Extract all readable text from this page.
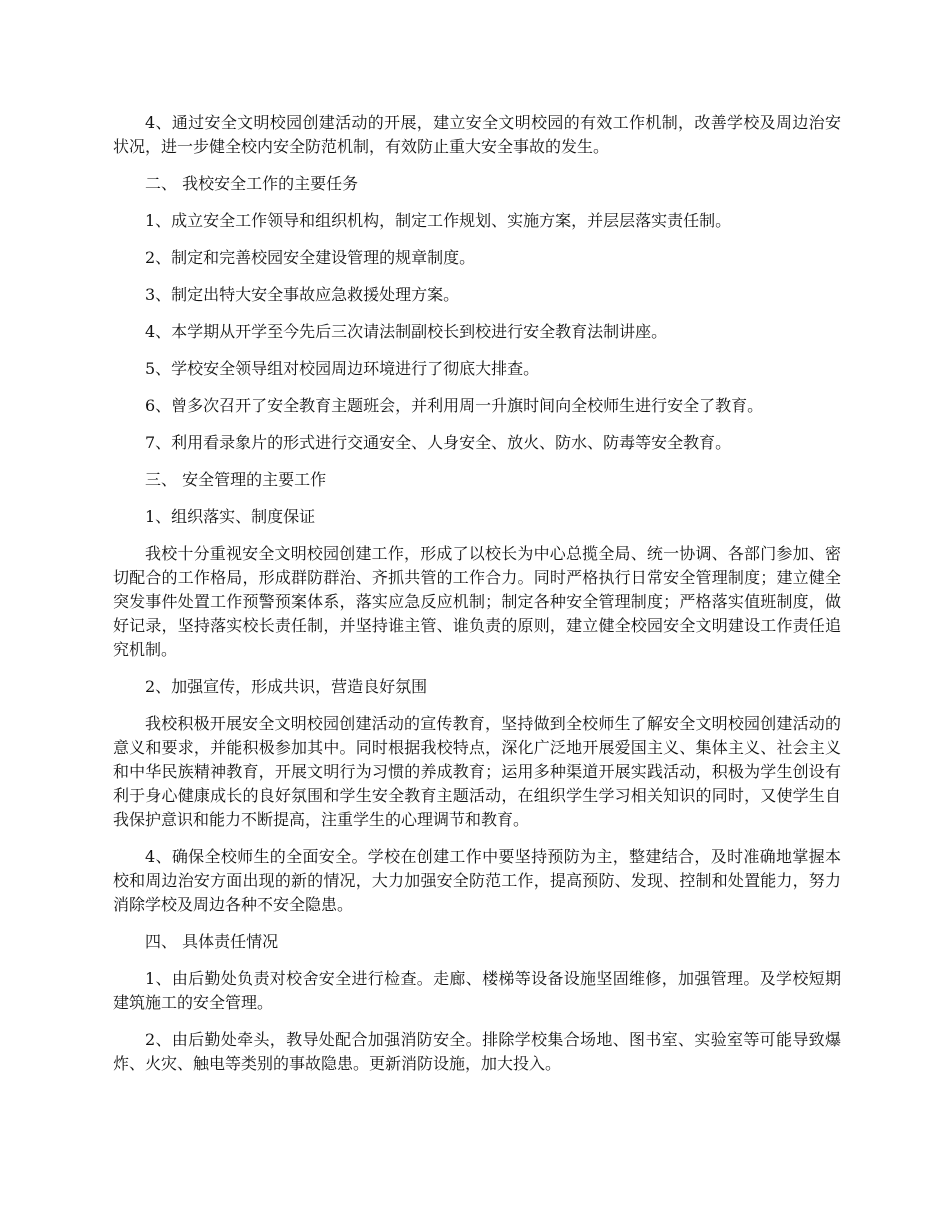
4、通过安全文明校园创建活动的开展，建立安全文明校园的有效工作机制，改善学校及周边治安状况，进一步健全校内安全防范机制，有效防止重大安全事故的发生。

二、 我校安全工作的主要任务

1、成立安全工作领导和组织机构，制定工作规划、实施方案，并层层落实责任制。

2、制定和完善校园安全建设管理的规章制度。

3、制定出特大安全事故应急救援处理方案。

4、本学期从开学至今先后三次请法制副校长到校进行安全教育法制讲座。

5、学校安全领导组对校园周边环境进行了彻底大排查。

6、曾多次召开了安全教育主题班会，并利用周一升旗时间向全校师生进行安全了教育。

7、利用看录象片的形式进行交通安全、人身安全、放火、防水、防毒等安全教育。

三、 安全管理的主要工作

1、组织落实、制度保证

我校十分重视安全文明校园创建工作，形成了以校长为中心总揽全局、统一协调、各部门参加、密切配合的工作格局，形成群防群治、齐抓共管的工作合力。同时严格执行日常安全管理制度；建立健全突发事件处置工作预警预案体系，落实应急反应机制；制定各种安全管理制度；严格落实值班制度，做好记录，坚持落实校长责任制，并坚持谁主管、谁负责的原则，建立健全校园安全文明建设工作责任追究机制。

2、加强宣传，形成共识，营造良好氛围

我校积极开展安全文明校园创建活动的宣传教育，坚持做到全校师生了解安全文明校园创建活动的意义和要求，并能积极参加其中。同时根据我校特点，深化广泛地开展爱国主义、集体主义、社会主义和中华民族精神教育，开展文明行为习惯的养成教育；运用多种渠道开展实践活动，积极为学生创设有利于身心健康成长的良好氛围和学生安全教育主题活动，在组织学生学习相关知识的同时，又使学生自我保护意识和能力不断提高，注重学生的心理调节和教育。

4、确保全校师生的全面安全。学校在创建工作中要坚持预防为主，整建结合，及时准确地掌握本校和周边治安方面出现的新的情况，大力加强安全防范工作，提高预防、发现、控制和处置能力，努力消除学校及周边各种不安全隐患。

四、 具体责任情况

1、由后勤处负责对校舍安全进行检查。走廊、楼梯等设备设施坚固维修，加强管理。及学校短期建筑施工的安全管理。

2、由后勤处牵头，教导处配合加强消防安全。排除学校集合场地、图书室、实验室等可能导致爆炸、火灾、触电等类别的事故隐患。更新消防设施，加大投入。
